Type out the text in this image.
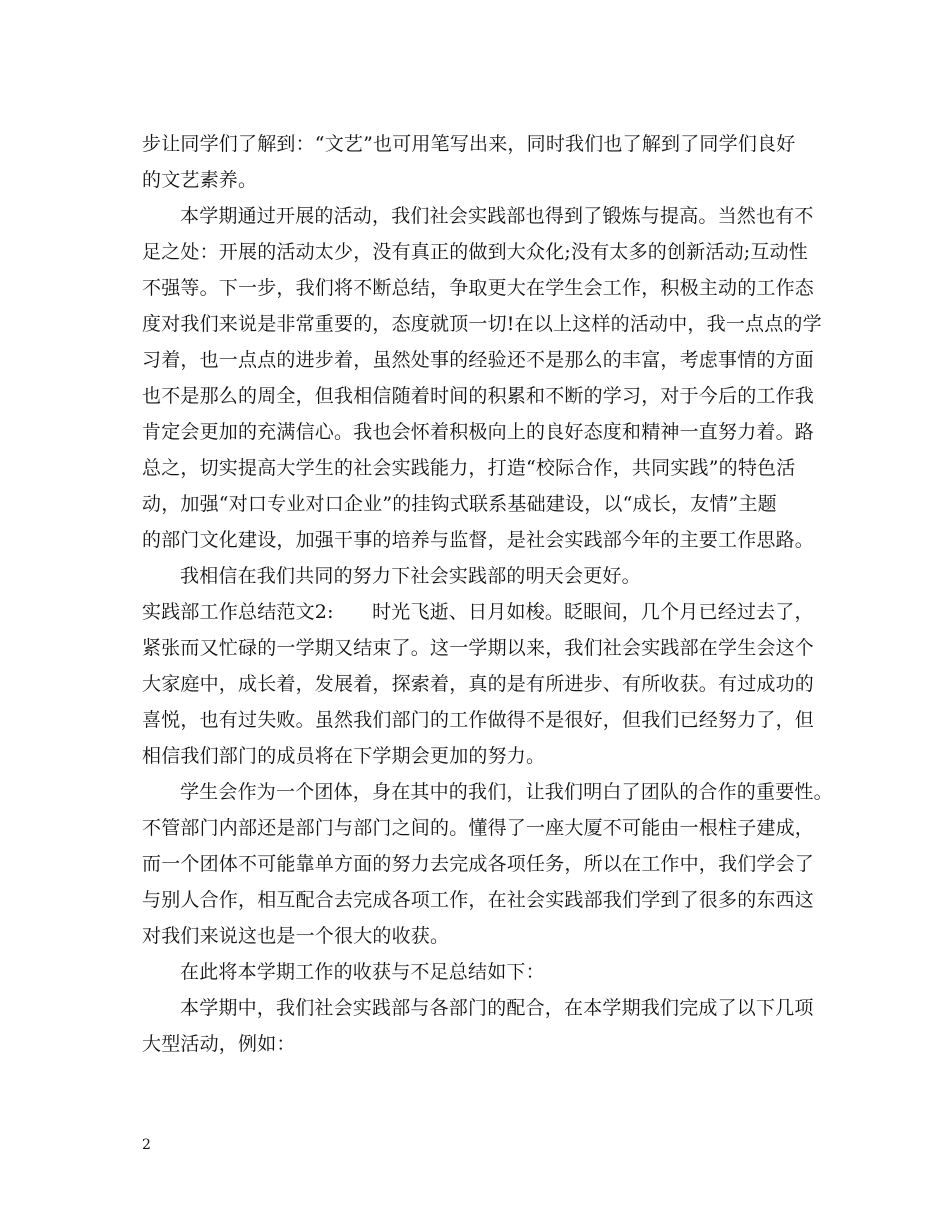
步让同学们了解到：“文艺”也可用笔写出来，同时我们也了解到了同学们良好
的文艺素养。
本学期通过开展的活动，我们社会实践部也得到了锻炼与提高。当然也有不
足之处：开展的活动太少，没有真正的做到大众化;没有太多的创新活动;互动性
不强等。下一步，我们将不断总结，争取更大在学生会工作，积极主动的工作态
度对我们来说是非常重要的，态度就顶一切!在以上这样的活动中，我一点点的学
习着，也一点点的进步着，虽然处事的经验还不是那么的丰富，考虑事情的方面
也不是那么的周全，但我相信随着时间的积累和不断的学习，对于今后的工作我
肯定会更加的充满信心。我也会怀着积极向上的良好态度和精神一直努力着。路
总之，切实提高大学生的社会实践能力，打造“校际合作，共同实践”的特色活
动，加强“对口专业对口企业”的挂钩式联系基础建设，以“成长，友情”主题
的部门文化建设，加强干事的培养与监督，是社会实践部今年的主要工作思路。
我相信在我们共同的努力下社会实践部的明天会更好。
实践部工作总结范文2:　　时光飞逝、日月如梭。眨眼间，几个月已经过去了，
紧张而又忙碌的一学期又结束了。这一学期以来，我们社会实践部在学生会这个
大家庭中，成长着，发展着，探索着，真的是有所进步、有所收获。有过成功的
喜悦，也有过失败。虽然我们部门的工作做得不是很好，但我们已经努力了，但
相信我们部门的成员将在下学期会更加的努力。
学生会作为一个团体，身在其中的我们，让我们明白了团队的合作的重要性。
不管部门内部还是部门与部门之间的。懂得了一座大厦不可能由一根柱子建成，
而一个团体不可能靠单方面的努力去完成各项任务，所以在工作中，我们学会了
与别人合作，相互配合去完成各项工作，在社会实践部我们学到了很多的东西这
对我们来说这也是一个很大的收获。
在此将本学期工作的收获与不足总结如下：
本学期中，我们社会实践部与各部门的配合，在本学期我们完成了以下几项
大型活动，例如：
2
